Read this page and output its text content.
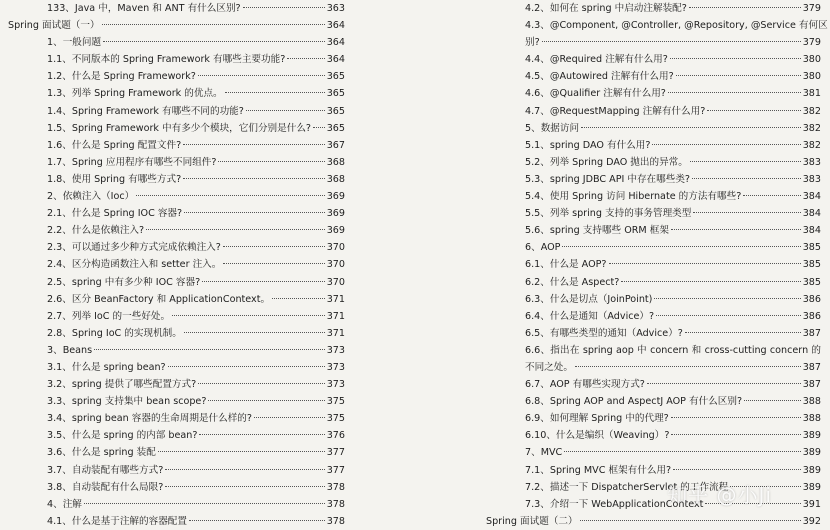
133、Java 中，Maven 和 ANT 有什么区别?	363
Spring 面试题（一）	364
1、一般问题	364
1.1、不同版本的 Spring Framework 有哪些主要功能?	364
1.2、什么是 Spring Framework?	365
1.3、列举 Spring Framework 的优点。	365
1.4、Spring Framework 有哪些不同的功能?	365
1.5、Spring Framework 中有多少个模块，它们分别是什么? 365
1.6、什么是 Spring 配置文件?	367
1.7、Spring 应用程序有哪些不同组件?	368
1.8、使用 Spring 有哪些方式?	368
2、依赖注入（Ioc）	369
2.1、什么是 Spring IOC 容器?	369
2.2、什么是依赖注入?	369
2.3、可以通过多少种方式完成依赖注入?	370
2.4、区分构造函数注入和 setter 注入。	370
2.5、spring 中有多少种 IOC 容器?	370
2.6、区分 BeanFactory 和 ApplicationContext。	371
2.7、列举 IoC 的一些好处。	371
2.8、Spring IoC 的实现机制。	371
3、Beans	373
3.1、什么是 spring bean?	373
3.2、spring 提供了哪些配置方式?	373
3.3、spring 支持集中 bean scope?	375
3.4、spring bean 容器的生命周期是什么样的?	375
3.5、什么是 spring 的内部 bean?	376
3.6、什么是 spring 装配	377
3.7、自动装配有哪些方式?	377
3.8、自动装配有什么局限?	378
4、注解	378
4.1、什么是基于注解的容器配置	378
4.2、如何在 spring 中启动注解装配?	379
4.3、@Component, @Controller, @Repository, @Service 有何区
别?	379
4.4、@Required 注解有什么用?	380
4.5、@Autowired 注解有什么用?	380
4.6、@Qualifier 注解有什么用?	381
4.7、@RequestMapping 注解有什么用?	382
5、数据访问	382
5.1、spring DAO 有什么用?	382
5.2、列举 Spring DAO 抛出的异常。	383
5.3、spring JDBC API 中存在哪些类?	383
5.4、使用 Spring 访问 Hibernate 的方法有哪些?	384
5.5、列举 spring 支持的事务管理类型	384
5.6、spring 支持哪些 ORM 框架	384
6、AOP	385
6.1、什么是 AOP?	385
6.2、什么是 Aspect?	385
6.3、什么是切点（JoinPoint)	386
6.4、什么是通知（Advice）?	386
6.5、有哪些类型的通知（Advice）?	387
6.6、指出在 spring aop 中 concern 和 cross-cutting concern 的
不同之处。	387
6.7、AOP 有哪些实现方式?	387
6.8、Spring AOP and AspectJ AOP 有什么区别?	388
6.9、如何理解 Spring 中的代理?	388
6.10、什么是编织（Weaving）?	389
7、MVC	389
7.1、Spring MVC 框架有什么用?	389
7.2、描述一下 DispatcherServlet 的工作流程	389
7.3、介绍一下 WebApplicationContext	391
Spring 面试题（二）	392
知乎 @小Ji
